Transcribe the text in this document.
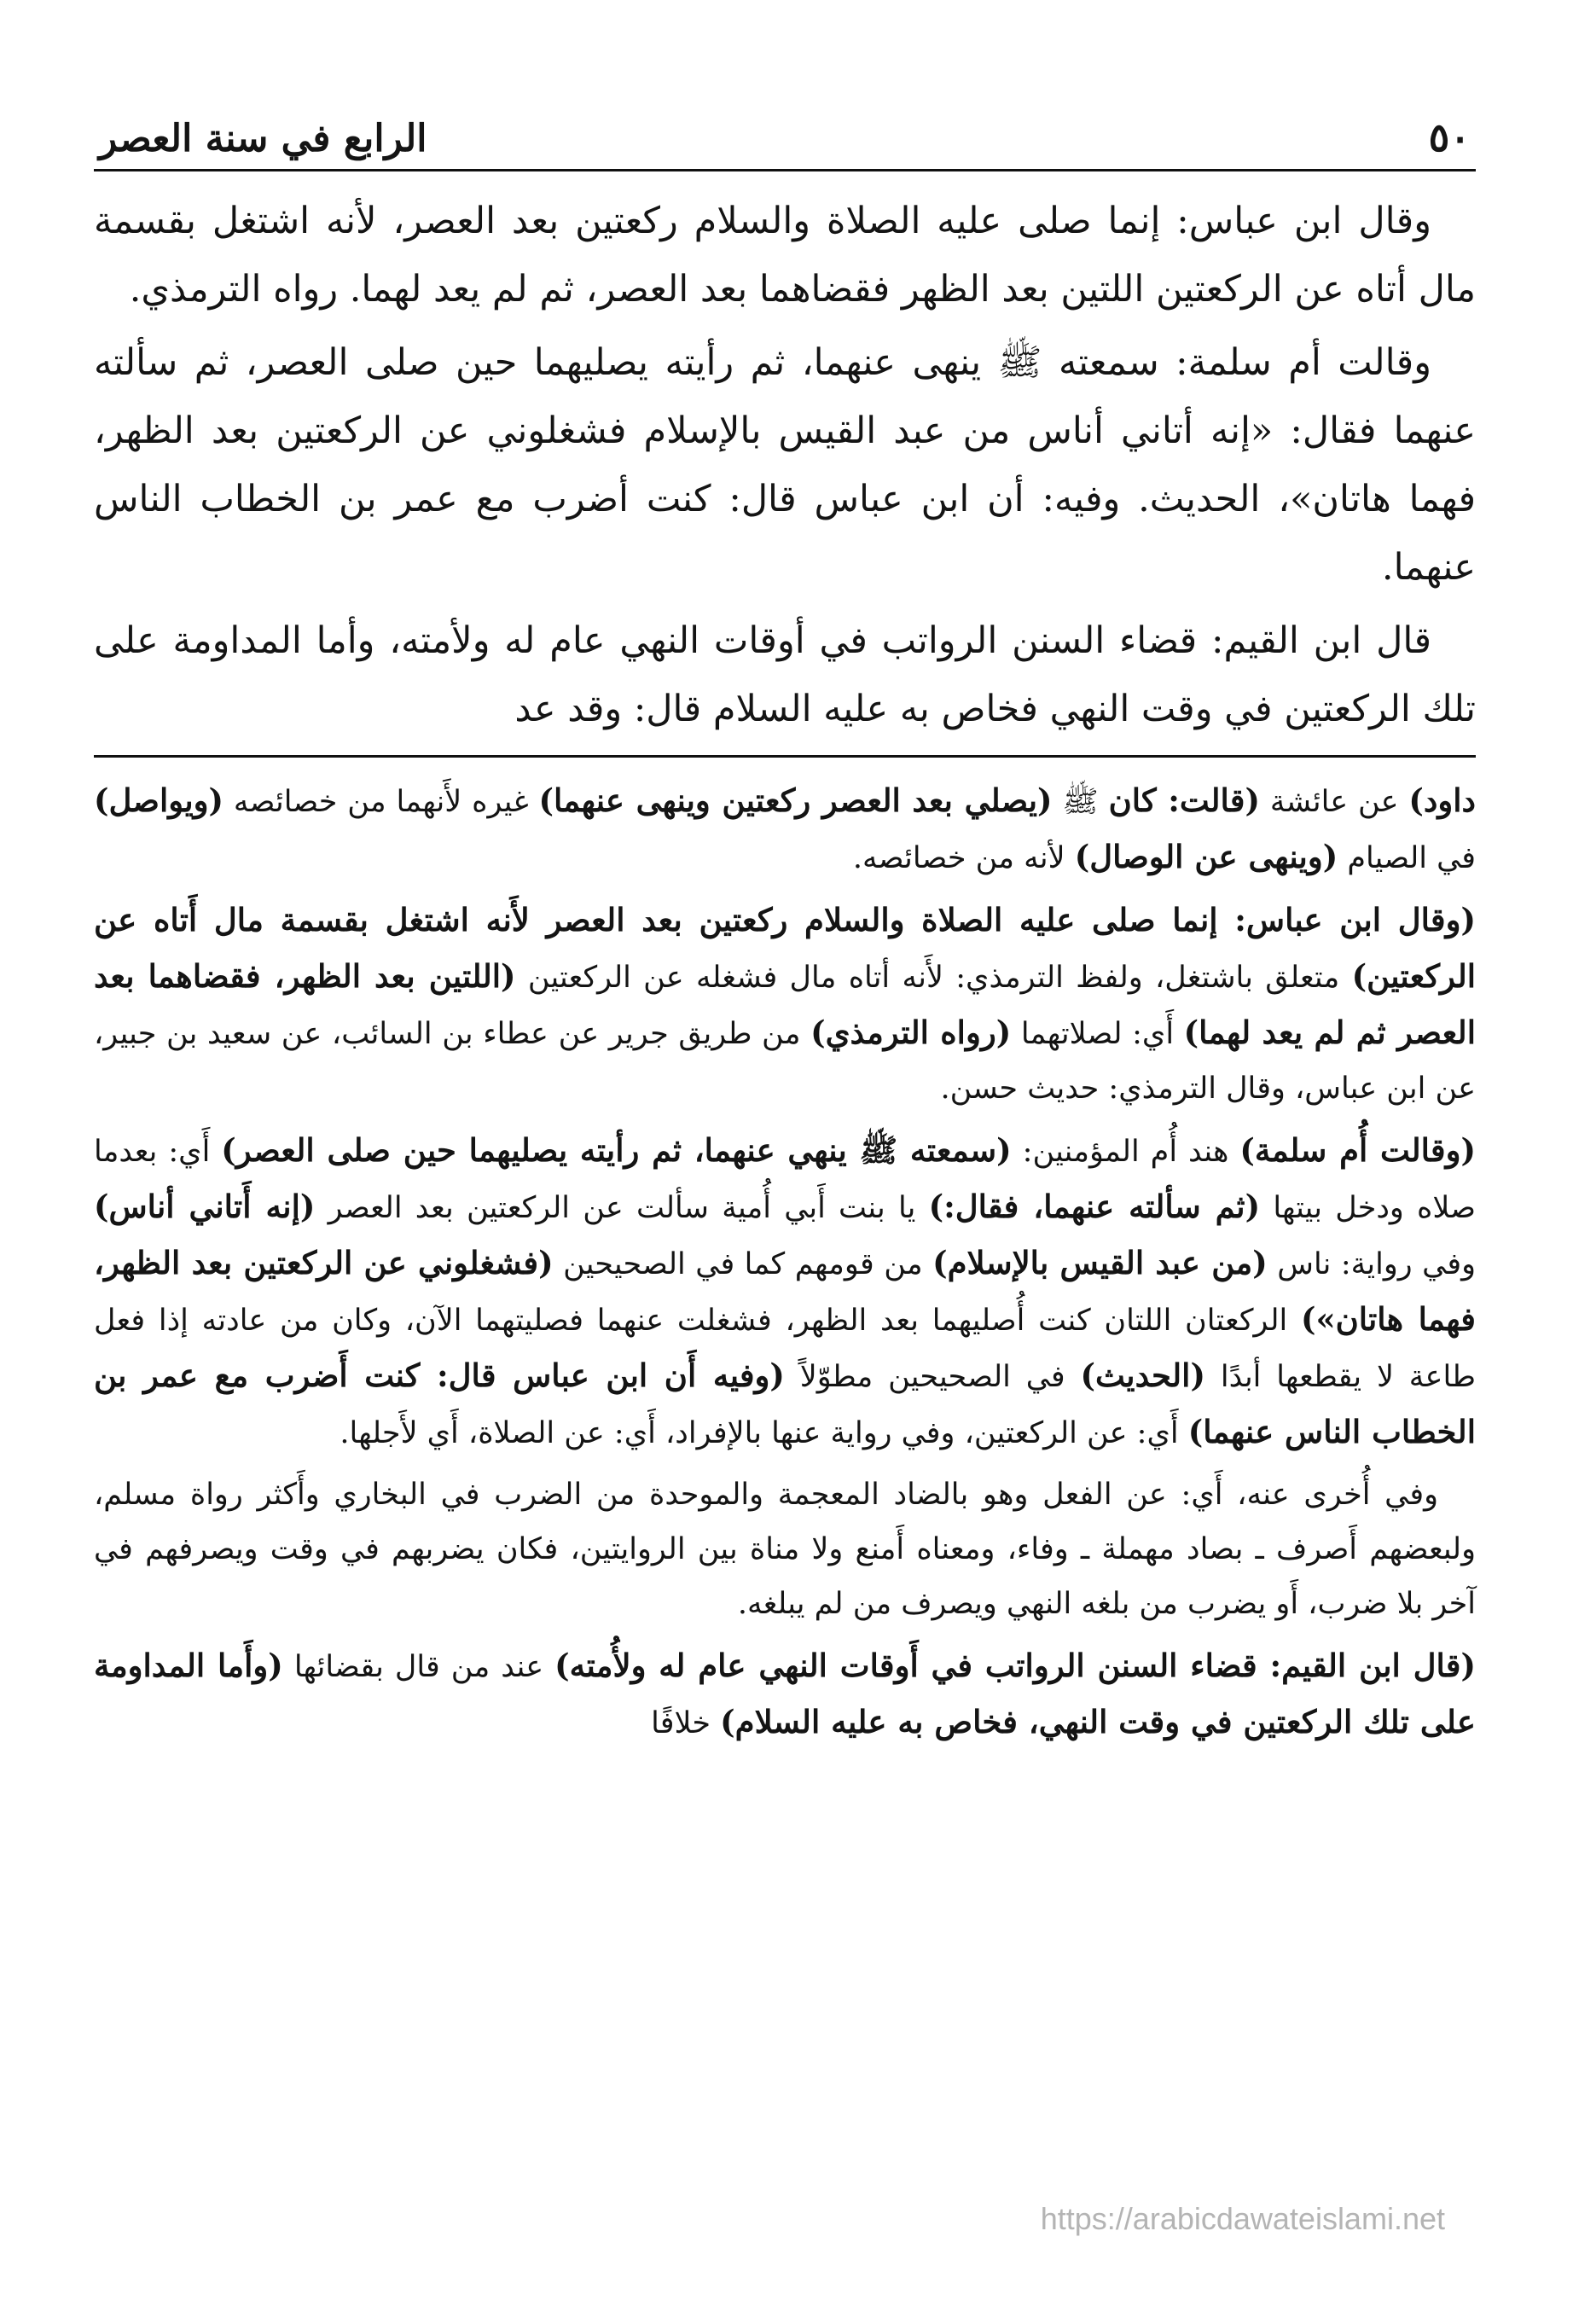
٥٠
الرابع في سنة العصر

وقال ابن عباس: إنما صلى عليه الصلاة والسلام ركعتين بعد العصر، لأنه اشتغل بقسمة مال أتاه عن الركعتين اللتين بعد الظهر فقضاهما بعد العصر، ثم لم يعد لهما. رواه الترمذي.

وقالت أم سلمة: سمعته ﷺ ينهى عنهما، ثم رأيته يصليهما حين صلى العصر، ثم سألته عنهما فقال: «إنه أتاني أناس من عبد القيس بالإسلام فشغلوني عن الركعتين بعد الظهر، فهما هاتان»، الحديث. وفيه: أن ابن عباس قال: كنت أضرب مع عمر بن الخطاب الناس عنهما.

قال ابن القيم: قضاء السنن الرواتب في أوقات النهي عام له ولأمته، وأما المداومة على تلك الركعتين في وقت النهي فخاص به عليه السلام قال: وقد عد

داود) عن عائشة (قالت: كان ﷺ (يصلي بعد العصر ركعتين وينهى عنهما) غيره لأَنهما من خصائصه (ويواصل) في الصيام (وينهى عن الوصال) لأنه من خصائصه.

(وقال ابن عباس: إنما صلى عليه الصلاة والسلام ركعتين بعد العصر لأَنه اشتغل بقسمة مال أَتاه عن الركعتين) متعلق باشتغل، ولفظ الترمذي: لأَنه أتاه مال فشغله عن الركعتين (اللتين بعد الظهر، فقضاهما بعد العصر ثم لم يعد لهما) أَي: لصلاتهما (رواه الترمذي) من طريق جرير عن عطاء بن السائب، عن سعيد بن جبير، عن ابن عباس، وقال الترمذي: حديث حسن.

(وقالت أُم سلمة) هند أُم المؤمنين: (سمعته ﷺ ينهي عنهما، ثم رأيته يصليهما حين صلى العصر) أَي: بعدما صلاه ودخل بيتها (ثم سألته عنهما، فقال:) يا بنت أَبي أُمية سألت عن الركعتين بعد العصر (إنه أَتاني أناس) وفي رواية: ناس (من عبد القيس بالإسلام) من قومهم كما في الصحيحين (فشغلوني عن الركعتين بعد الظهر، فهما هاتان») الركعتان اللتان كنت أُصليهما بعد الظهر، فشغلت عنهما فصليتهما الآن، وكان من عادته إذا فعل طاعة لا يقطعها أبدًا (الحديث) في الصحيحين مطوّلاً (وفيه أَن ابن عباس قال: كنت أَضرب مع عمر بن الخطاب الناس عنهما) أَي: عن الركعتين، وفي رواية عنها بالإفراد، أَي: عن الصلاة، أَي لأَجلها.

وفي أُخرى عنه، أَي: عن الفعل وهو بالضاد المعجمة والموحدة من الضرب في البخاري وأَكثر رواة مسلم، ولبعضهم أَصرف ـ بصاد مهملة ـ وفاء، ومعناه أَمنع ولا مناة بين الروايتين، فكان يضربهم في وقت ويصرفهم في آخر بلا ضرب، أَو يضرب من بلغه النهي ويصرف من لم يبلغه.

(قال ابن القيم: قضاء السنن الرواتب في أَوقات النهي عام له ولأُمته) عند من قال بقضائها (وأَما المداومة على تلك الركعتين في وقت النهي، فخاص به عليه السلام) خلافًا

https://arabicdawateislami.net
